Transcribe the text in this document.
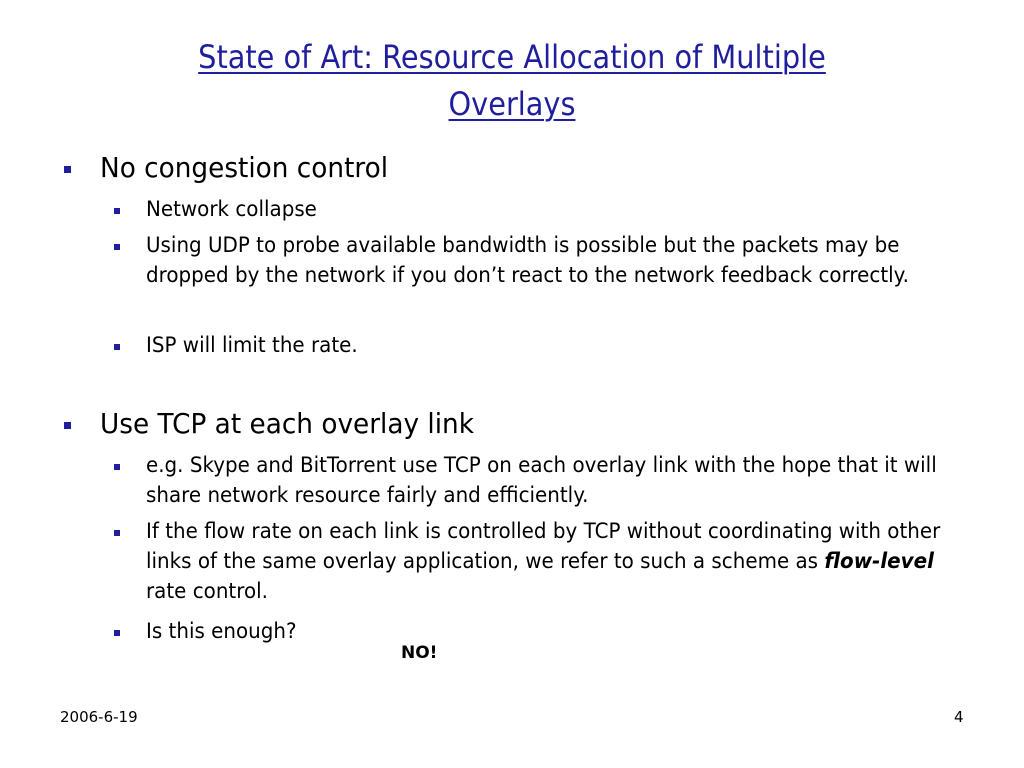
State of Art: Resource Allocation of Multiple Overlays
No congestion control
Network collapse
Using UDP to probe available bandwidth is possible but the packets may be dropped by the network if you don’t react to the network feedback correctly.
ISP will limit the rate.
Use TCP at each overlay link
e.g. Skype and BitTorrent use TCP on each overlay link with the hope that it will share network resource fairly and efficiently.
If the flow rate on each link is controlled by TCP without coordinating with other links of the same overlay application, we refer to such a scheme as flow-level rate control.
Is this enough?
NO!
2006-6-19	4
